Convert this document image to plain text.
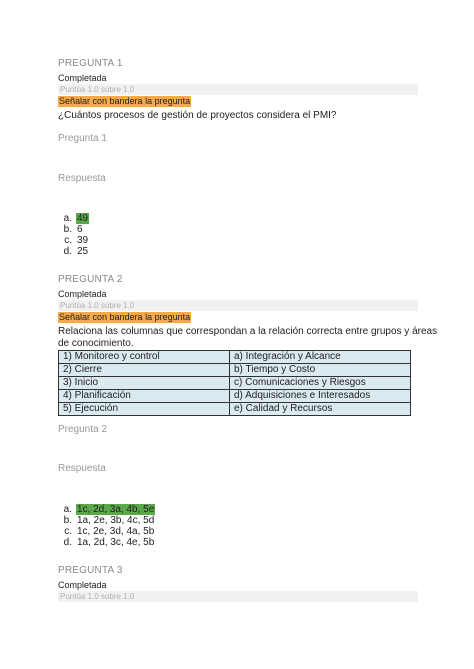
PREGUNTA 1
Completada
Puntúa 1.0 sobre 1.0
Señalar con bandera la pregunta
¿Cuántos procesos de gestión de proyectos considera el PMI?
Pregunta 1
Respuesta
a. 49
b. 6
c. 39
d. 25
PREGUNTA 2
Completada
Puntúa 1.0 sobre 1.0
Señalar con bandera la pregunta
Relaciona las columnas que correspondan a la relación correcta entre grupos y áreas
de conocimiento.
1) Monitoreo y control	a) Integración y Alcance
2) Cierre	b) Tiempo y Costo
3) Inicio	c) Comunicaciones y Riesgos
4) Planificación	d) Adquisiciones e Interesados
5) Ejecución	e) Calidad y Recursos
Pregunta 2
Respuesta
a. 1c, 2d, 3a, 4b, 5e
b. 1a, 2e, 3b, 4c, 5d
c. 1c, 2e, 3d, 4a, 5b
d. 1a, 2d, 3c, 4e, 5b
PREGUNTA 3
Completada
Puntúa 1.0 sobre 1.0
